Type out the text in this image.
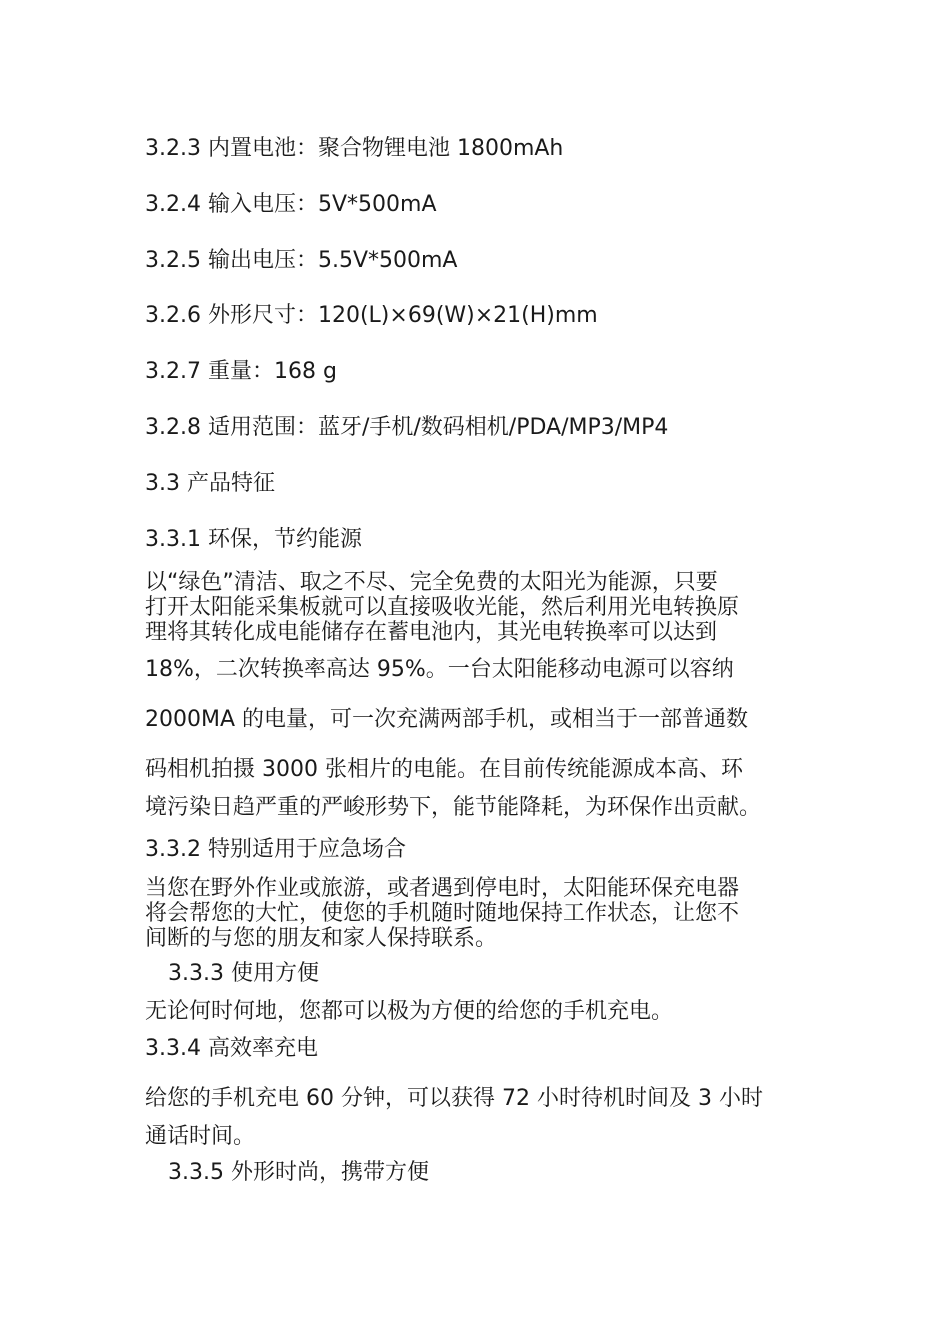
3.2.3 内置电池：聚合物锂电池 1800mAh

3.2.4 输入电压：5V*500mA

3.2.5 输出电压：5.5V*500mA

3.2.6 外形尺寸：120(L)×69(W)×21(H)mm

3.2.7 重量：168 g

3.2.8 适用范围：蓝牙/手机/数码相机/PDA/MP3/MP4

3.3 产品特征

3.3.1 环保，节约能源

以“绿色”清洁、取之不尽、完全免费的太阳光为能源，只要
打开太阳能采集板就可以直接吸收光能，然后利用光电转换原
理将其转化成电能储存在蓄电池内，其光电转换率可以达到

18%，二次转换率高达 95%。一台太阳能移动电源可以容纳

2000MA 的电量，可一次充满两部手机，或相当于一部普通数

码相机拍摄 3000 张相片的电能。在目前传统能源成本高、环

境污染日趋严重的严峻形势下，能节能降耗，为环保作出贡献。

3.3.2 特别适用于应急场合

当您在野外作业或旅游，或者遇到停电时，太阳能环保充电器
将会帮您的大忙，使您的手机随时随地保持工作状态，让您不
间断的与您的朋友和家人保持联系。

3.3.3 使用方便

无论何时何地，您都可以极为方便的给您的手机充电。

3.3.4 高效率充电

给您的手机充电 60 分钟，可以获得 72 小时待机时间及 3 小时

通话时间。

3.3.5 外形时尚，携带方便
